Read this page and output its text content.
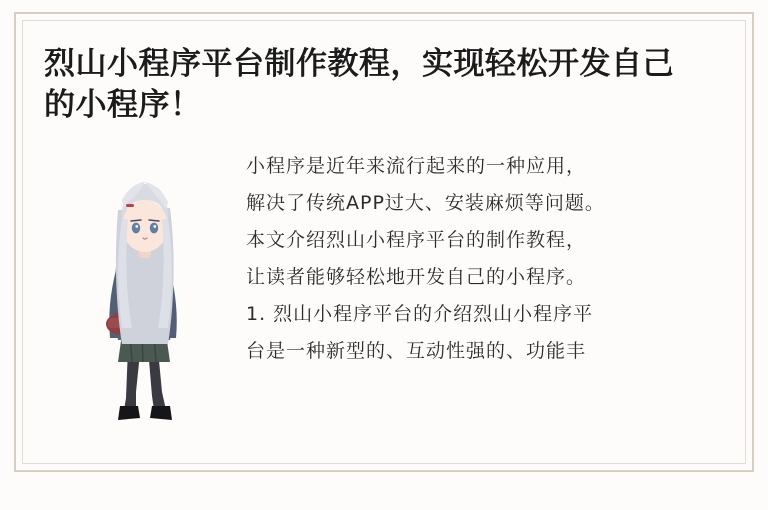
烈山小程序平台制作教程，实现轻松开发自己的小程序！

小程序是近年来流行起来的一种应用，

解决了传统APP过大、安装麻烦等问题。

本文介绍烈山小程序平台的制作教程，

让读者能够轻松地开发自己的小程序。

1. 烈山小程序平台的介绍烈山小程序平

台是一种新型的、互动性强的、功能丰
